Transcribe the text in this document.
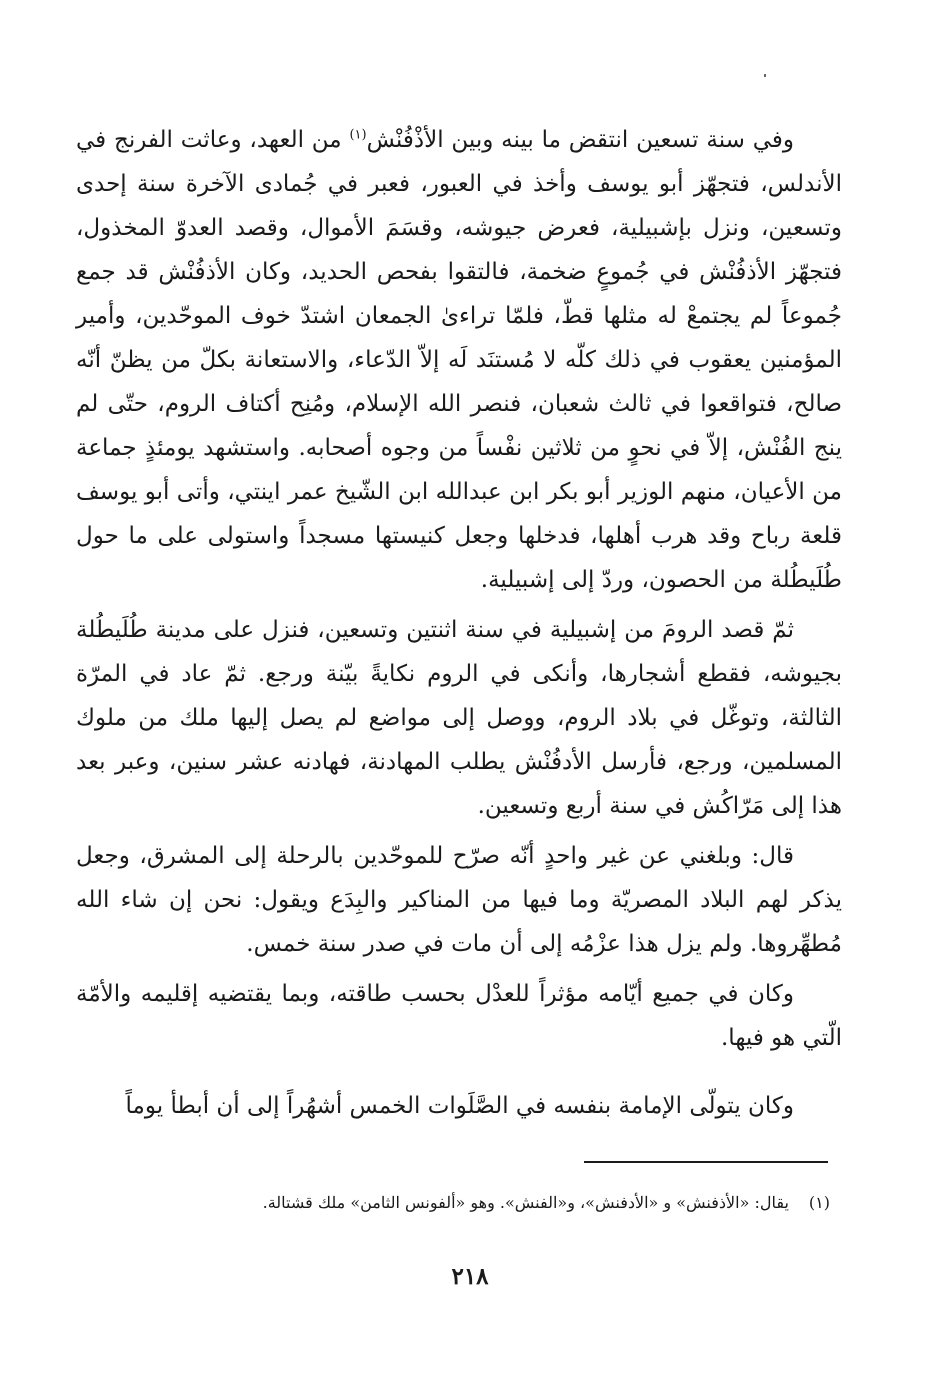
وفي سنة تسعين انتقض ما بينه وبين الأذْفُنْش$^{(١)}$ من العهد، وعاثت الفرنج في الأندلس، فتجهّز أبو يوسف وأخذ في العبور، فعبر في جُمادى الآخرة سنة إحدى وتسعين، ونزل بإشبيلية، فعرض جيوشه، وقسَمَ الأموال، وقصد العدوّ المخذول، فتجهّز الأذفُنْش في جُموعٍ ضخمة، فالتقوا بفحص الحديد، وكان الأذفُنْش قد جمع جُموعاً لم يجتمعْ له مثلها قطّ، فلمّا تراءىٰ الجمعان اشتدّ خوف الموحّدين، وأمير المؤمنين يعقوب في ذلك كلّه لا مُستنَد لَه إلاّ الدّعاء، والاستعانة بكلّ من يظنّ أنّه صالح، فتواقعوا في ثالث شعبان، فنصر الله الإسلام، ومُنِح أكتاف الروم، حتّى لم ينج الفُنْش، إلاّ في نحوٍ من ثلاثين نفْساً من وجوه أصحابه. واستشهد يومئذٍ جماعة من الأعيان، منهم الوزير أبو بكر ابن عبدالله ابن الشّيخ عمر اينتي، وأتى أبو يوسف قلعة رباح وقد هرب أهلها، فدخلها وجعل كنيستها مسجداً واستولى على ما حول طُلَيطُلة من الحصون، وردّ إلى إشبيلية.

ثمّ قصد الرومَ من إشبيلية في سنة اثنتين وتسعين، فنزل على مدينة طُلَيطُلة بجيوشه، فقطع أشجارها، وأنكى في الروم نكايةً بيّنة ورجع. ثمّ عاد في المرّة الثالثة، وتوغّل في بلاد الروم، ووصل إلى مواضع لم يصل إليها ملك من ملوك المسلمين، ورجع، فأرسل الأدفُنْش يطلب المهادنة، فهادنه عشر سنين، وعبر بعد هذا إلى مَرّاكُش في سنة أربع وتسعين.

قال: وبلغني عن غير واحدٍ أنّه صرّح للموحّدين بالرحلة إلى المشرق، وجعل يذكر لهم البلاد المصريّة وما فيها من المناكير والبِدَع ويقول: نحن إن شاء الله مُطهِّروها. ولم يزل هذا عزْمُه إلى أن مات في صدر سنة خمس.

وكان في جميع أيّامه مؤثراً للعدْل بحسب طاقته، وبما يقتضيه إقليمه والأمّة الّتي هو فيها.

وكان يتولّى الإمامة بنفسه في الصَّلَوات الخمس أشهُراً إلى أن أبطأ يوماً

(١)يقال: «الأذفنش» و «الأدفنش»، و«الفنش». وهو «ألفونس الثامن» ملك قشتالة.
٢١٨
